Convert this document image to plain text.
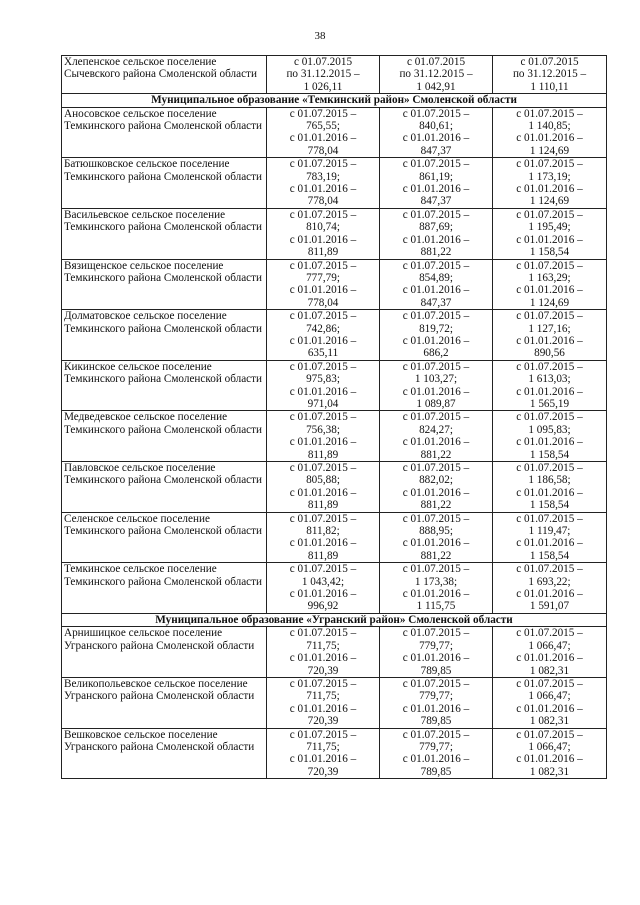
38
Хлепенское сельское поселение Сычевского района Смоленской области	с 01.07.2015
по 31.12.2015 –
1 026,11	с 01.07.2015
по 31.12.2015 –
1 042,91	с 01.07.2015
по 31.12.2015 –
1 110,11

Муниципальное образование «Темкинский район» Смоленской области			
Аносовское сельское поселение Темкинского района Смоленской области	с 01.07.2015 –
765,55;
с 01.01.2016 –
778,04	с 01.07.2015 –
840,61;
с 01.01.2016 –
847,37	с 01.07.2015 –
1 140,85;
с 01.01.2016 –
1 124,69

Батюшковское сельское поселение Темкинского района Смоленской области	с 01.07.2015 –
783,19;
с 01.01.2016 –
778,04	с 01.07.2015 –
861,19;
с 01.01.2016 –
847,37	с 01.07.2015 –
1 173,19;
с 01.01.2016 –
1 124,69

Васильевское сельское поселение Темкинского района Смоленской области	с 01.07.2015 –
810,74;
с 01.01.2016 –
811,89	с 01.07.2015 –
887,69;
с 01.01.2016 –
881,22	с 01.07.2015 –
1 195,49;
с 01.01.2016 –
1 158,54

Вязищенское сельское поселение Темкинского района Смоленской области	с 01.07.2015 –
777,79;
с 01.01.2016 –
778,04	с 01.07.2015 –
854,89;
с 01.01.2016 –
847,37	с 01.07.2015 –
1 163,29;
с 01.01.2016 –
1 124,69

Долматовское сельское поселение Темкинского района Смоленской области	с 01.07.2015 –
742,86;
с 01.01.2016 –
635,11	с 01.07.2015 –
819,72;
с 01.01.2016 –
686,2	с 01.07.2015 –
1 127,16;
с 01.01.2016 –
890,56

Кикинское сельское поселение Темкинского района Смоленской области	с 01.07.2015 –
975,83;
с 01.01.2016 –
971,04	с 01.07.2015 –
1 103,27;
с 01.01.2016 –
1 089,87	с 01.07.2015 –
1 613,03;
с 01.01.2016 –
1 565,19

Медведевское сельское поселение Темкинского района Смоленской области	с 01.07.2015 –
756,38;
с 01.01.2016 –
811,89	с 01.07.2015 –
824,27;
с 01.01.2016 –
881,22	с 01.07.2015 –
1 095,83;
с 01.01.2016 –
1 158,54

Павловское сельское поселение Темкинского района Смоленской области	с 01.07.2015 –
805,88;
с 01.01.2016 –
811,89	с 01.07.2015 –
882,02;
с 01.01.2016 –
881,22	с 01.07.2015 –
1 186,58;
с 01.01.2016 –
1 158,54

Селенское сельское поселение Темкинского района Смоленской области	с 01.07.2015 –
811,82;
с 01.01.2016 –
811,89	с 01.07.2015 –
888,95;
с 01.01.2016 –
881,22	с 01.07.2015 –
1 119,47;
с 01.01.2016 –
1 158,54

Темкинское сельское поселение Темкинского района Смоленской области	с 01.07.2015 –
1 043,42;
с 01.01.2016 –
996,92	с 01.07.2015 –
1 173,38;
с 01.01.2016 –
1 115,75	с 01.07.2015 –
1 693,22;
с 01.01.2016 –
1 591,07

Муниципальное образование «Угранский район» Смоленской области			
Арнишицкое сельское поселение Угранского района Смоленской области	с 01.07.2015 –
711,75;
с 01.01.2016 –
720,39	с 01.07.2015 –
779,77;
с 01.01.2016 –
789,85	с 01.07.2015 –
1 066,47;
с 01.01.2016 –
1 082,31

Великопольевское сельское поселение Угранского района Смоленской области	с 01.07.2015 –
711,75;
с 01.01.2016 –
720,39	с 01.07.2015 –
779,77;
с 01.01.2016 –
789,85	с 01.07.2015 –
1 066,47;
с 01.01.2016 –
1 082,31

Вешковское сельское поселение Угранского района Смоленской области	с 01.07.2015 –
711,75;
с 01.01.2016 –
720,39	с 01.07.2015 –
779,77;
с 01.01.2016 –
789,85	с 01.07.2015 –
1 066,47;
с 01.01.2016 –
1 082,31
